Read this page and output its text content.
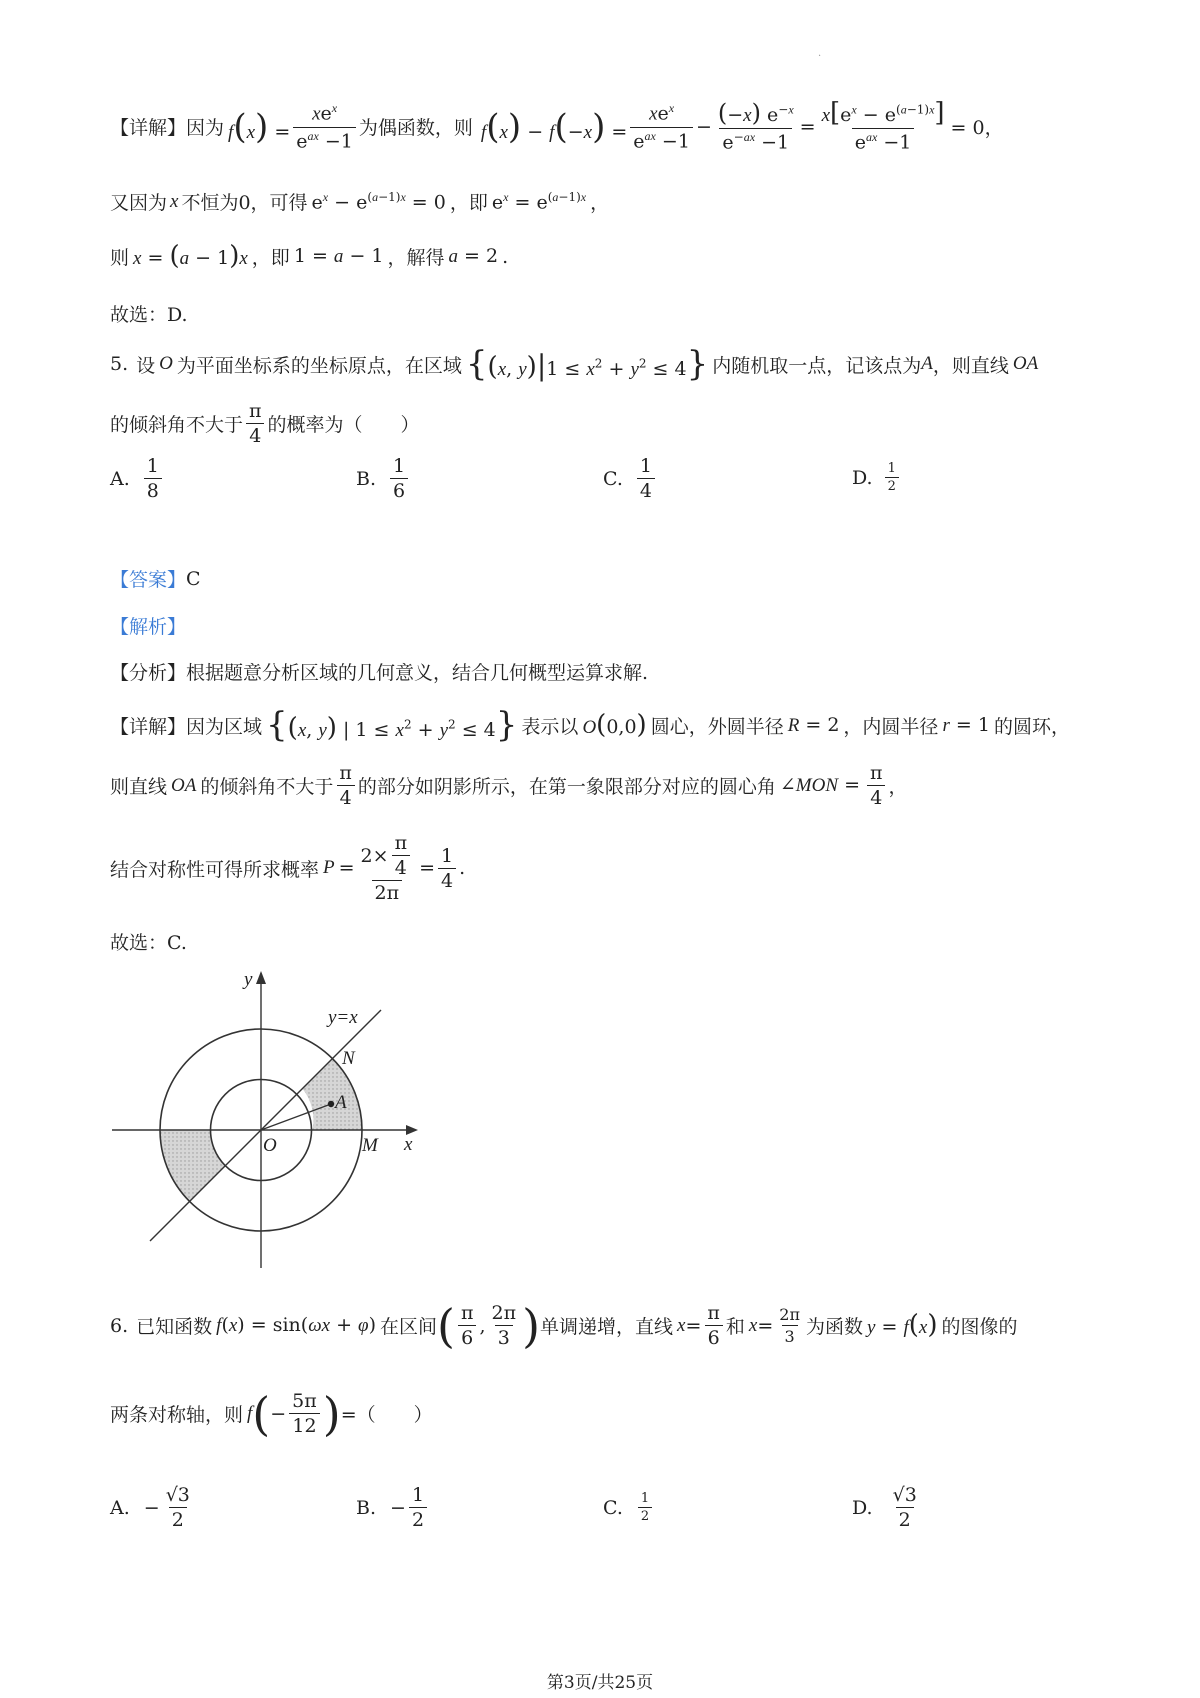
.
【详解】 因为 $f(x) = \frac{xe^x}{e^{ax} -1}$ 为偶函数，则 $f(x) - f(-x) = \frac{xe^x}{e^{ax} -1} - \frac{(-x) e^{-x}}{e^{-ax} -1} = \frac{x[e^x - e^{(a-1)x}]}{e^{ax} -1} = 0$，
又因为 x 不恒为0，可得 $e^x - e^{(a-1)x} = 0$ ，即 $e^x = e^{(a-1)x}$ ，
则 x = (a − 1)x ，即 1 = a − 1 ，解得 a = 2 .
故选：D.
5. 设 O 为平面坐标系的坐标原点，在区域 {(x, $y)|1 \le x^2 + y^2 \le 4$} 内随机取一点，记该点为 A ，则直线 OA
的倾斜角不大于 $\frac{\pi}{4}$ 的概率为（　　）
A. $\frac{1}{8}$	B. $\frac{1}{6}$	C. $\frac{1}{4}$	D. $\frac{1}{2}$
【答案】 C
【解析】
【分析】 根据题意分析区域的几何意义，结合几何概型运算求解.
【详解】 因为区域 {(x, y) | $1 \le x^2 + y^2 \le 4$} 表示以 O(0,0) 圆心，外圆半径 R = 2 ，内圆半径 r = 1 的圆环，
则直线 OA 的倾斜角不大于 $\frac{\pi}{4}$ 的部分如阴影所示，在第一象限部分对应的圆心角 ∠MON = $\frac{\pi}{4}$ ，
结合对称性可得所求概率 $P = \frac{2\times \frac{\pi}{4}}{2\pi} = \frac{1}{4}$ .
故选：C.
y
x
y=x
N
A
O	M
6. 已知函数 f(x) = sin(ωx + φ) 在区间 ( $\frac{\pi}{6}$ , $\frac{2\pi}{3}$ ) 单调递增，直线 $x = \frac{\pi}{6}$ 和 $x = \frac{2\pi}{3}$ 为函数 y = f(x) 的图像的
两条对称轴，则 f ( − $\frac{5\pi}{12}$ ) =（　　）
A. − $\frac{√3}{2}$	B. − $\frac{1}{2}$	C. $\frac{1}{2}$	D. $\frac{√3}{2}$
第3页/共25页
